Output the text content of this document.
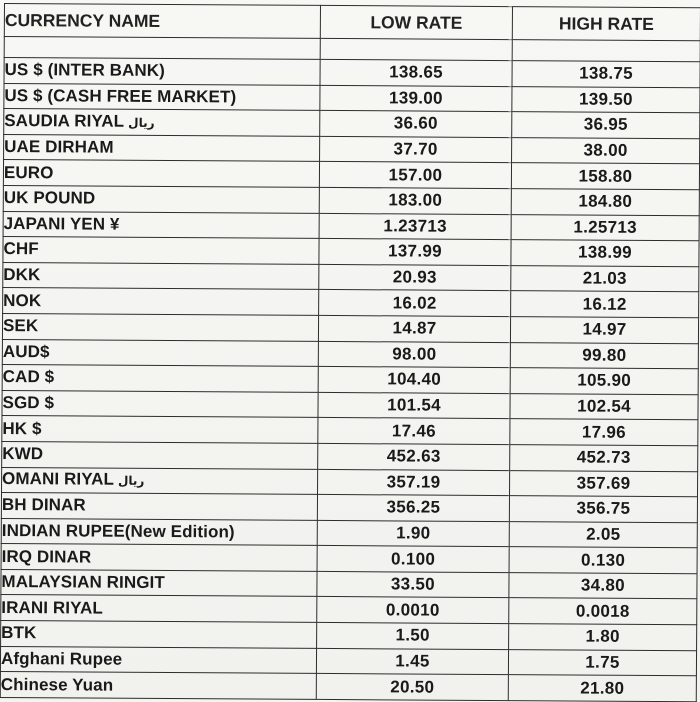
CURRENCY NAME	LOW RATE	HIGH RATE

US $ (INTER BANK)	138.65	138.75
US $ (CASH FREE MARKET)	139.00	139.50
SAUDIA RIYAL ریال	36.60	36.95
UAE DIRHAM	37.70	38.00
EURO	157.00	158.80
UK POUND	183.00	184.80
JAPANI YEN ¥	1.23713	1.25713
CHF	137.99	138.99
DKK	20.93	21.03
NOK	16.02	16.12
SEK	14.87	14.97
AUD$	98.00	99.80
CAD $	104.40	105.90
SGD $	101.54	102.54
HK $	17.46	17.96
KWD	452.63	452.73
OMANI RIYAL ریال	357.19	357.69
BH DINAR	356.25	356.75
INDIAN RUPEE(New Edition)	1.90	2.05
IRQ DINAR	0.100	0.130
MALAYSIAN RINGIT	33.50	34.80
IRANI RIYAL	0.0010	0.0018
BTK	1.50	1.80
Afghani Rupee	1.45	1.75
Chinese Yuan	20.50	21.80
